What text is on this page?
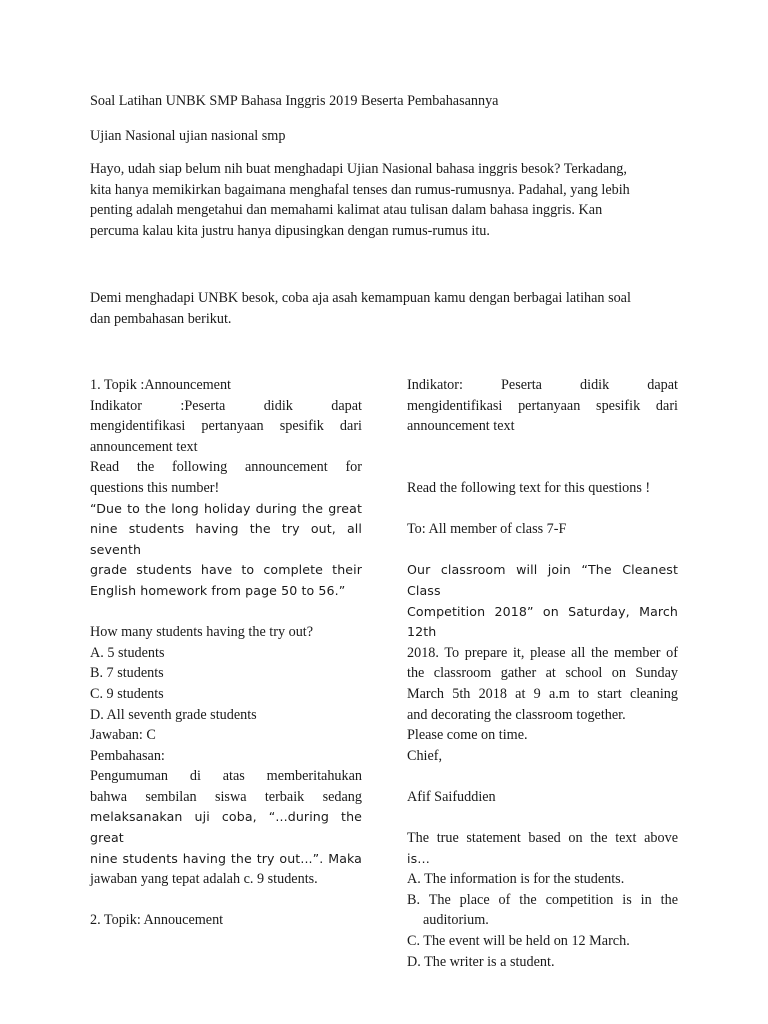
Soal Latihan UNBK SMP Bahasa Inggris 2019 Beserta Pembahasannya

Ujian Nasional ujian nasional smp

Hayo, udah siap belum nih buat menghadapi Ujian Nasional bahasa inggris besok? Terkadang,
kita hanya memikirkan bagaimana menghafal tenses dan rumus-rumusnya. Padahal, yang lebih
penting adalah mengetahui dan memahami kalimat atau tulisan dalam bahasa inggris. Kan
percuma kalau kita justru hanya dipusingkan dengan rumus-rumus itu.
Demi menghadapi UNBK besok, coba aja asah kemampuan kamu dengan berbagai latihan soal
dan pembahasan berikut.
1. Topik :Announcement
Indikator :Peserta didik dapat
mengidentifikasi pertanyaan spesifik dari
announcement text
Read the following announcement for
questions this number!
“Due to the long holiday during the great
nine students having the try out, all seventh
grade students have to complete their
English homework from page 50 to 56.”
How many students having the try out?
A. 5 students
B. 7 students
C. 9 students
D. All seventh grade students
Jawaban: C
Pembahasan:
Pengumuman di atas memberitahukan
bahwa sembilan siswa terbaik sedang
melaksanakan uji coba, “...during the great
nine students having the try out...”. Maka
jawaban yang tepat adalah c. 9 students.
2. Topik: Annoucement
Indikator: Peserta didik dapat
mengidentifikasi pertanyaan spesifik dari
announcement text
Read the following text for this questions !
To: All member of class 7-F
Our classroom will join “The Cleanest Class
Competition 2018” on Saturday, March 12th
2018. To prepare it, please all the member of
the classroom gather at school on Sunday
March 5th 2018 at 9 a.m to start cleaning
and decorating the classroom together.
Please come on time.
Chief,
Afif Saifuddien
The true statement based on the text above
is…
A. The information is for the students.
B. The place of the competition is in the auditorium.
C. The event will be held on 12 March.
D. The writer is a student.
